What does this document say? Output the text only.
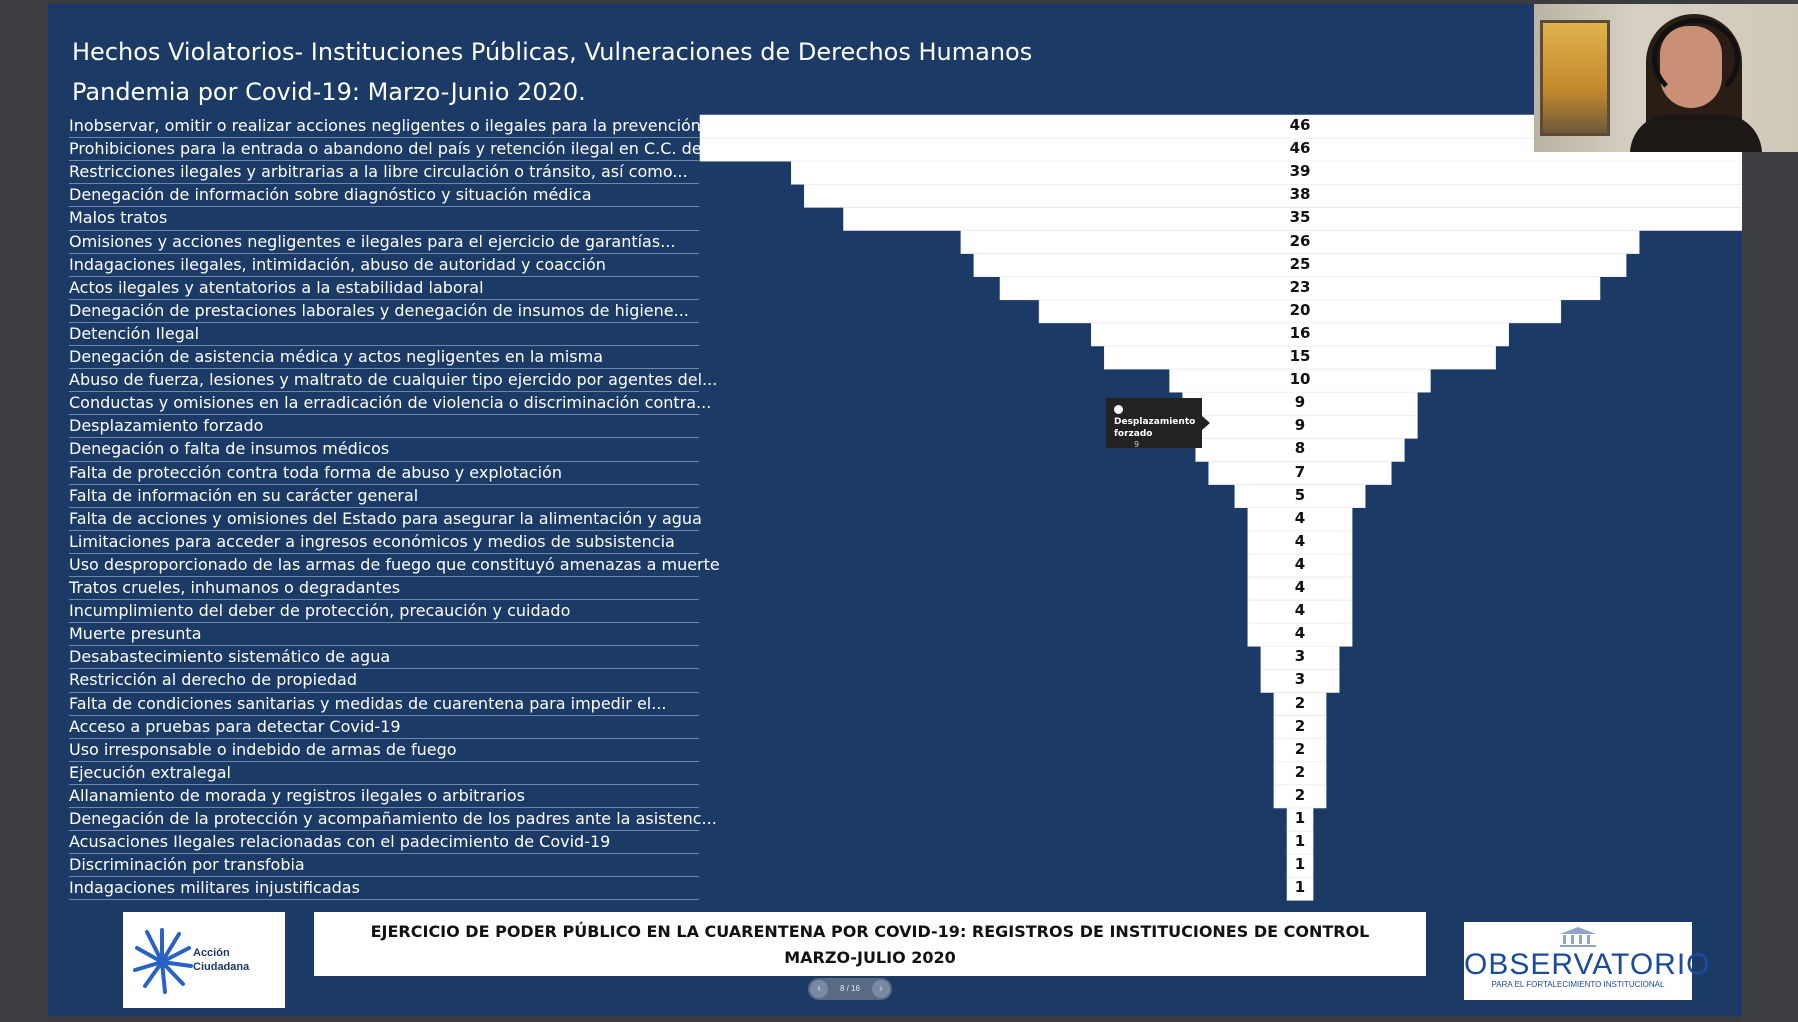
Hechos Violatorios- Instituciones Públicas, Vulneraciones de Derechos Humanos
Pandemia por Covid-19: Marzo-Junio 2020.
Inobservar, omitir o realizar acciones negligentes o ilegales para la prevención...	46
Prohibiciones para la entrada o abandono del país y retención ilegal en C.C. de...	46
Restricciones ilegales y arbitrarias a la libre circulación o tránsito, así como...	39
Denegación de información sobre diagnóstico y situación médica	38
Malos tratos	35
Omisiones y acciones negligentes e ilegales para el ejercicio de garantías...	26
Indagaciones ilegales, intimidación, abuso de autoridad y coacción	25
Actos ilegales y atentatorios a la estabilidad laboral	23
Denegación de prestaciones laborales y denegación de insumos de higiene...	20
Detención Ilegal	16
Denegación de asistencia médica y actos negligentes en la misma	15
Abuso de fuerza, lesiones y maltrato de cualquier tipo ejercido por agentes del...	10
Conductas y omisiones en la erradicación de violencia o discriminación contra...	9
Desplazamiento forzado	9
Denegación o falta de insumos médicos	8
Falta de protección contra toda forma de abuso y explotación	7
Falta de información en su carácter general	5
Falta de acciones y omisiones del Estado para asegurar la alimentación y agua	4
Limitaciones para acceder a ingresos económicos y medios de subsistencia	4
Uso desproporcionado de las armas de fuego que constituyó amenazas a muerte	4
Tratos crueles, inhumanos o degradantes	4
Incumplimiento del deber de protección, precaución y cuidado	4
Muerte presunta	4
Desabastecimiento sistemático de agua	3
Restricción al derecho de propiedad	3
Falta de condiciones sanitarias y medidas de cuarentena para impedir el...	2
Acceso a pruebas para detectar Covid-19	2
Uso irresponsable o indebido de armas de fuego	2
Ejecución extralegal	2
Allanamiento de morada y registros ilegales o arbitrarios	2
Denegación de la protección y acompañamiento de los padres ante la asistenc...	1
Acusaciones Ilegales relacionadas con el padecimiento de Covid-19	1
Discriminación por transfobia	1
Indagaciones militares injustificadas	1
Desplazamiento forzado
9
Acción
Ciudadana
EJERCICIO DE PODER PÚBLICO EN LA CUARENTENA POR COVID-19: REGISTROS DE INSTITUCIONES DE CONTROL
MARZO-JULIO 2020	OBSERVATORIO
PARA EL FORTALECIMIENTO INSTITUCIONAL
‹	8 / 16	›
